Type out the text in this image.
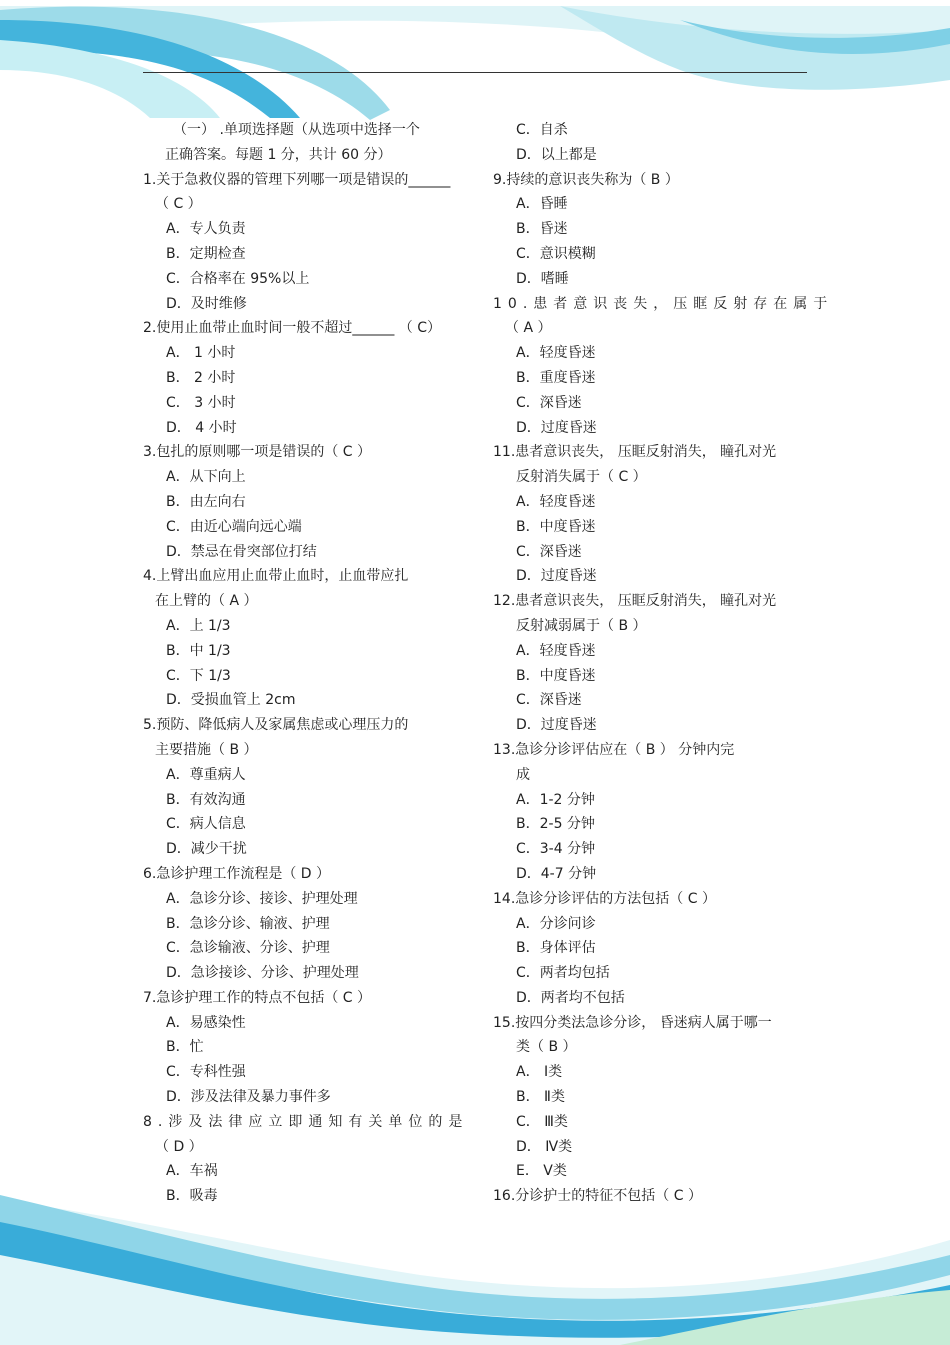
（一） .单项选择题（从选项中选择一个
正确答案。每题 1 分，共计 60 分）
1.关于急救仪器的管理下列哪一项是错误的______
（ C ）
A．专人负责
B．定期检查
C．合格率在 95%以上
D．及时维修
2.使用止血带止血时间一般不超过______ （ C）
A． 1 小时
B． 2 小时
C． 3 小时
D． 4 小时
3.包扎的原则哪一项是错误的（ C ）
A．从下向上
B．由左向右
C．由近心端向远心端
D．禁忌在骨突部位打结
4.上臂出血应用止血带止血时，止血带应扎
在上臂的（ A ）
A．上 1/3
B．中 1/3
C．下 1/3
D．受损血管上 2cm
5.预防、降低病人及家属焦虑或心理压力的
主要措施（ B ）
A．尊重病人
B．有效沟通
C．病人信息
D．减少干扰
6.急诊护理工作流程是（ D ）
A．急诊分诊、接诊、护理处理
B．急诊分诊、输液、护理
C．急诊输液、分诊、护理
D．急诊接诊、分诊、护理处理
7.急诊护理工作的特点不包括（ C ）
A．易感染性
B．忙
C．专科性强
D．涉及法律及暴力事件多
8.涉及法律应立即通知有关单位的是
（ D ）
A．车祸
B．吸毒
C．自杀
D．以上都是
9.持续的意识丧失称为（ B ）
A．昏睡
B．昏迷
C．意识模糊
D．嗜睡
10.患者意识丧失，压眶反射存在属于
（ A ）
A．轻度昏迷
B．重度昏迷
C．深昏迷
D．过度昏迷
11.患者意识丧失， 压眶反射消失， 瞳孔对光
反射消失属于（ C ）
A．轻度昏迷
B．中度昏迷
C．深昏迷
D．过度昏迷
12.患者意识丧失， 压眶反射消失， 瞳孔对光
反射减弱属于（ B ）
A．轻度昏迷
B．中度昏迷
C．深昏迷
D．过度昏迷
13.急诊分诊评估应在（ B ） 分钟内完
成
A．1-2 分钟
B．2-5 分钟
C．3-4 分钟
D．4-7 分钟
14.急诊分诊评估的方法包括（ C ）
A．分诊问诊
B．身体评估
C．两者均包括
D．两者均不包括
15.按四分类法急诊分诊， 昏迷病人属于哪一
类（ B ）
A． Ⅰ类
B． Ⅱ类
C． Ⅲ类
D． Ⅳ类
E． Ⅴ类
16.分诊护士的特征不包括（ C ）
